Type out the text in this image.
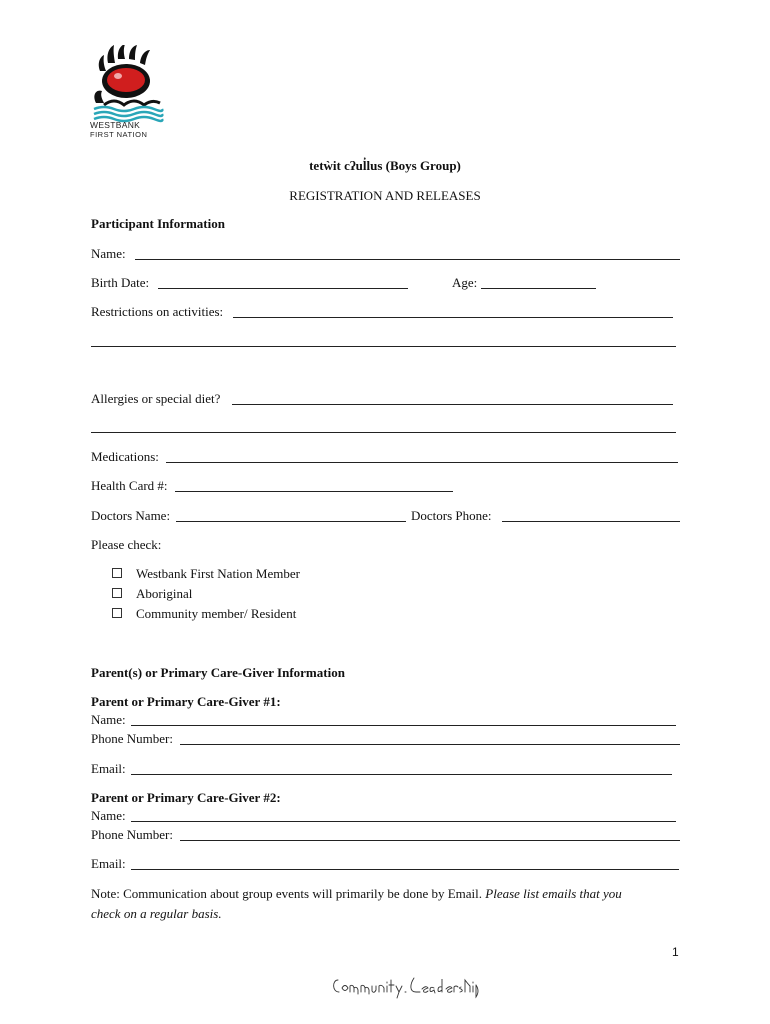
WESTBANK
FIRST NATION
tetẁit cʔul̓lus (Boys Group)
REGISTRATION AND RELEASES
Participant Information
Name:
Birth Date:	Age:
Restrictions on activities:
Allergies or special diet?
Medications:
Health Card #:
Doctors Name:	Doctors Phone:
Please check:
Westbank First Nation Member
Aboriginal
Community member/ Resident
Parent(s) or Primary Care-Giver Information
Parent or Primary Care-Giver #1:
Name:
Phone Number:
Email:
Parent or Primary Care-Giver #2:
Name:
Phone Number:
Email:
Note: Communication about group events will primarily be done by Email. Please list emails that you
check on a regular basis.
1
